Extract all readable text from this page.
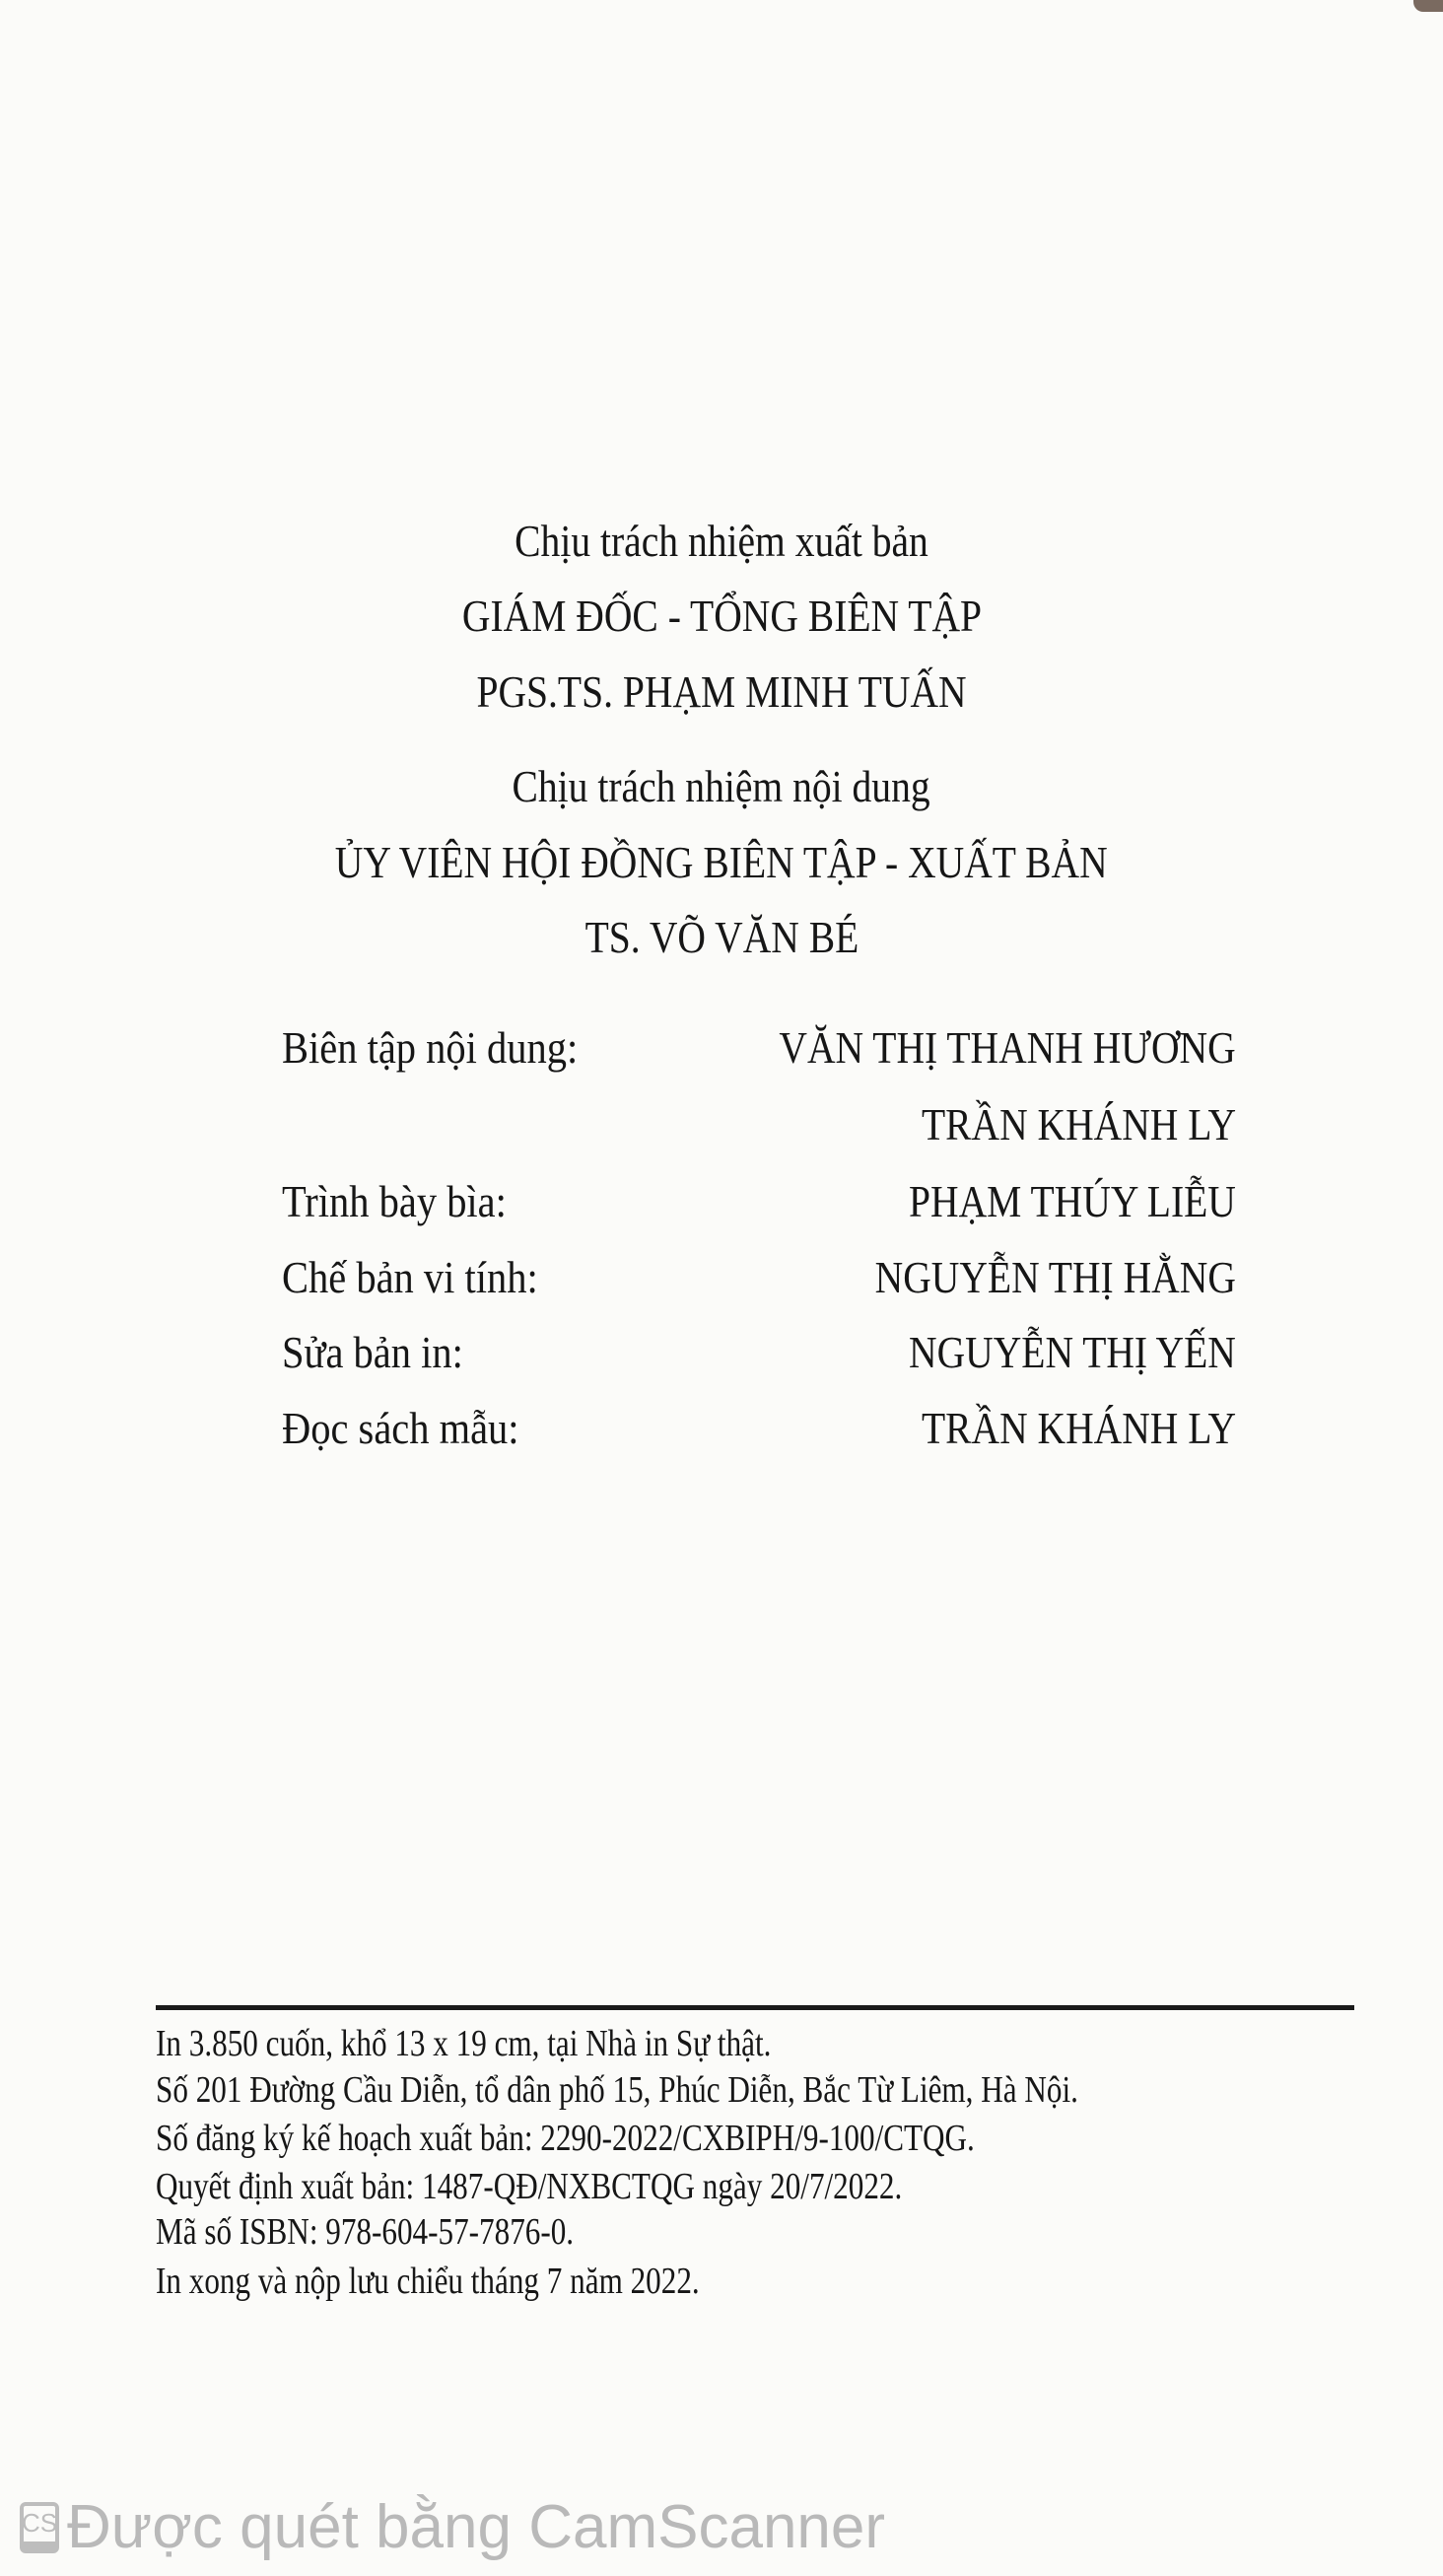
Chịu trách nhiệm xuất bản
GIÁM ĐỐC - TỔNG BIÊN TẬP
PGS.TS. PHẠM MINH TUẤN
Chịu trách nhiệm nội dung
ỦY VIÊN HỘI ĐỒNG BIÊN TẬP - XUẤT BẢN
TS. VÕ VĂN BÉ
Biên tập nội dung:	VĂN THỊ THANH HƯƠNG
TRẦN KHÁNH LY
Trình bày bìa:	PHẠM THÚY LIỄU
Chế bản vi tính:	NGUYỄN THỊ HẰNG
Sửa bản in:	NGUYỄN THỊ YẾN
Đọc sách mẫu:	TRẦN KHÁNH LY
In 3.850 cuốn, khổ 13 x 19 cm, tại Nhà in Sự thật.
Số 201 Đường Cầu Diễn, tổ dân phố 15, Phúc Diễn, Bắc Từ Liêm, Hà Nội.
Số đăng ký kế hoạch xuất bản: 2290-2022/CXBIPH/9-100/CTQG.
Quyết định xuất bản: 1487-QĐ/NXBCTQG ngày 20/7/2022.
Mã số ISBN: 978-604-57-7876-0.
In xong và nộp lưu chiểu tháng 7 năm 2022.
CS Được quét bằng CamScanner
